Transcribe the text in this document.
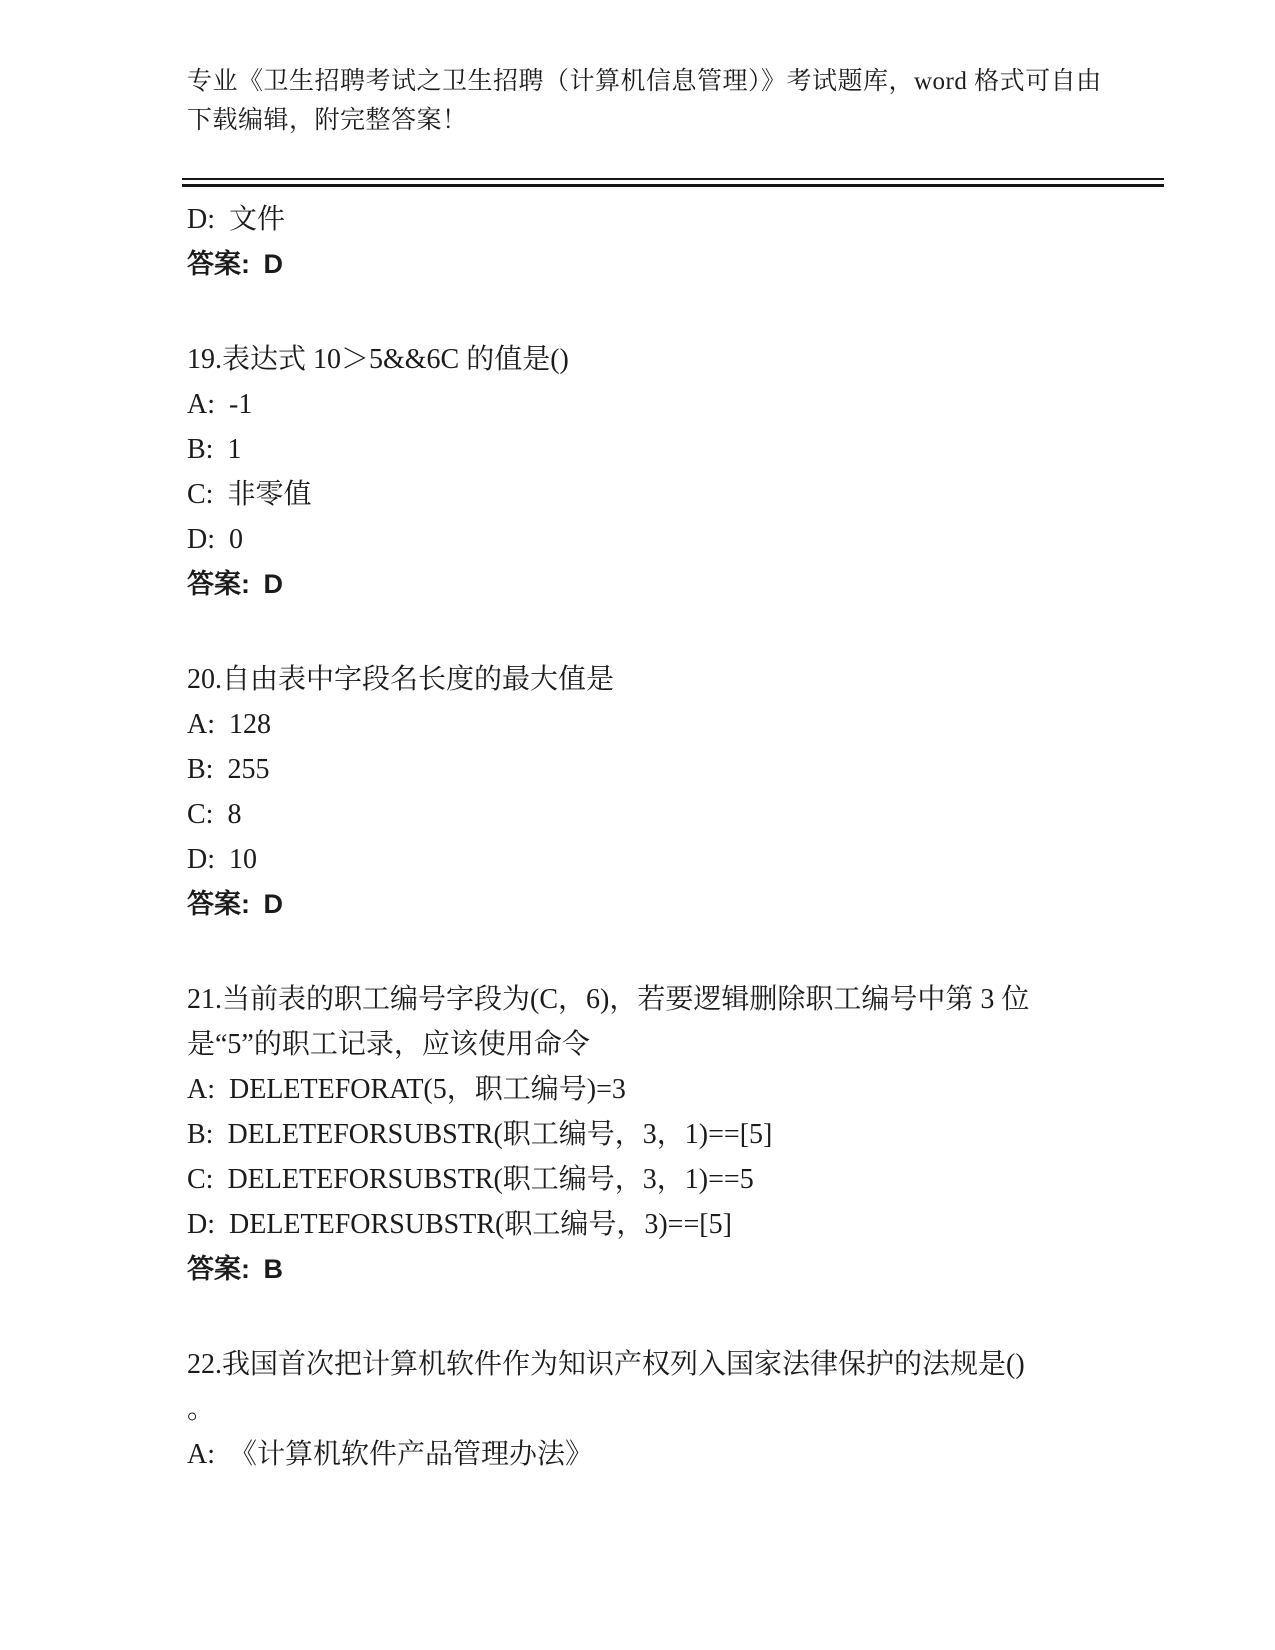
专业《卫生招聘考试之卫生招聘（计算机信息管理）》考试题库，word 格式可自由下载编辑，附完整答案！

D: 文件
答案: D
19.表达式 10＞5&&6C 的值是()
A: -1
B: 1
C: 非零值
D: 0
答案: D
20.自由表中字段名长度的最大值是
A: 128
B: 255
C: 8
D: 10
答案: D
21.当前表的职工编号字段为(C，6)，若要逻辑删除职工编号中第 3 位
是“5”的职工记录，应该使用命令
A: DELETEFORAT(5，职工编号)=3
B: DELETEFORSUBSTR(职工编号，3，1)==[5]
C: DELETEFORSUBSTR(职工编号，3，1)==5
D: DELETEFORSUBSTR(职工编号，3)==[5]
答案: B
22.我国首次把计算机软件作为知识产权列入国家法律保护的法规是()
。
A: 《计算机软件产品管理办法》
